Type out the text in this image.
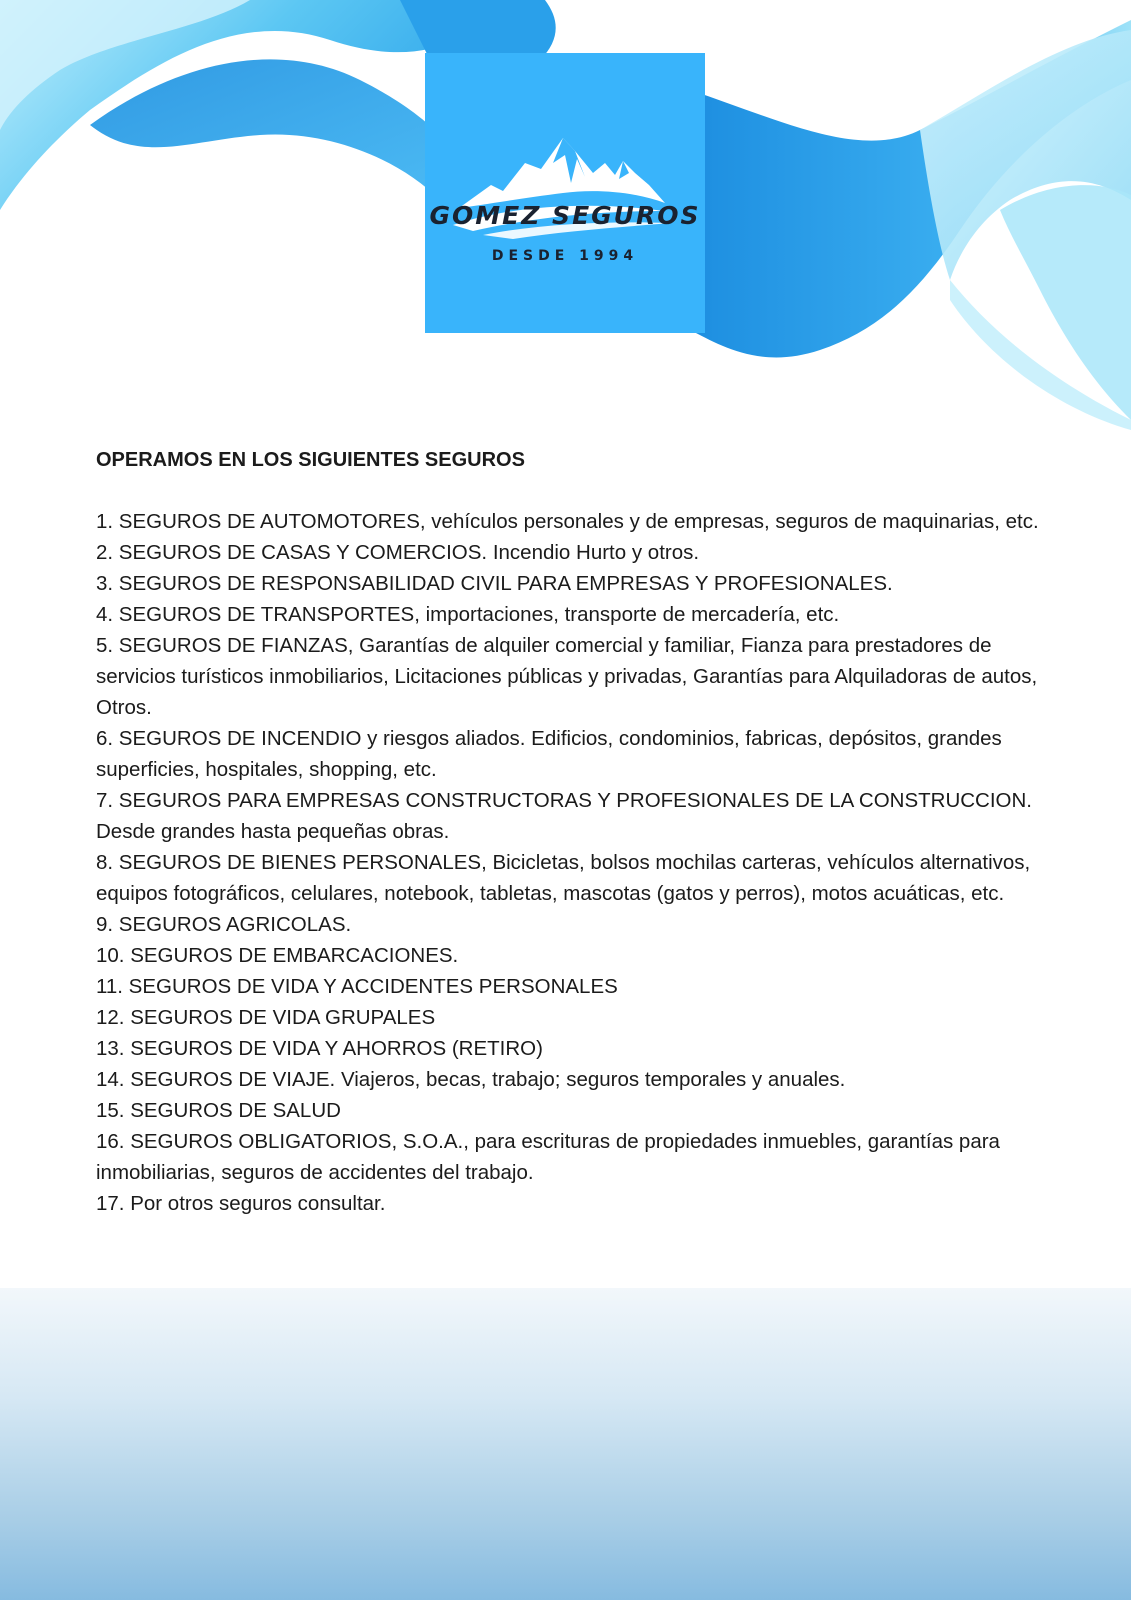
GOMEZ SEGUROS
DESDE 1994
OPERAMOS EN LOS SIGUIENTES SEGUROS
1. SEGUROS DE AUTOMOTORES, vehículos personales y de empresas, seguros de maquinarias, etc.
2. SEGUROS DE CASAS Y COMERCIOS. Incendio Hurto y otros.
3. SEGUROS DE RESPONSABILIDAD CIVIL PARA EMPRESAS Y PROFESIONALES.
4. SEGUROS DE TRANSPORTES, importaciones, transporte de mercadería, etc.
5. SEGUROS DE FIANZAS, Garantías de alquiler comercial y familiar, Fianza para prestadores de servicios turísticos inmobiliarios, Licitaciones públicas y privadas, Garantías para Alquiladoras de autos, Otros.
6. SEGUROS DE INCENDIO y riesgos aliados. Edificios, condominios, fabricas, depósitos, grandes superficies, hospitales, shopping, etc.
7. SEGUROS PARA EMPRESAS CONSTRUCTORAS Y PROFESIONALES DE LA CONSTRUCCION. Desde grandes hasta pequeñas obras.
8. SEGUROS DE BIENES PERSONALES, Bicicletas, bolsos mochilas carteras, vehículos alternativos, equipos fotográficos, celulares, notebook, tabletas, mascotas (gatos y perros), motos acuáticas, etc.
9. SEGUROS AGRICOLAS.
10. SEGUROS DE EMBARCACIONES.
11. SEGUROS DE VIDA Y ACCIDENTES PERSONALES
12. SEGUROS DE VIDA GRUPALES
13. SEGUROS DE VIDA Y AHORROS (RETIRO)
14. SEGUROS DE VIAJE. Viajeros, becas, trabajo; seguros temporales y anuales.
15. SEGUROS DE SALUD
16. SEGUROS OBLIGATORIOS, S.O.A., para escrituras de propiedades inmuebles, garantías para inmobiliarias, seguros de accidentes del trabajo.
17. Por otros seguros consultar.
